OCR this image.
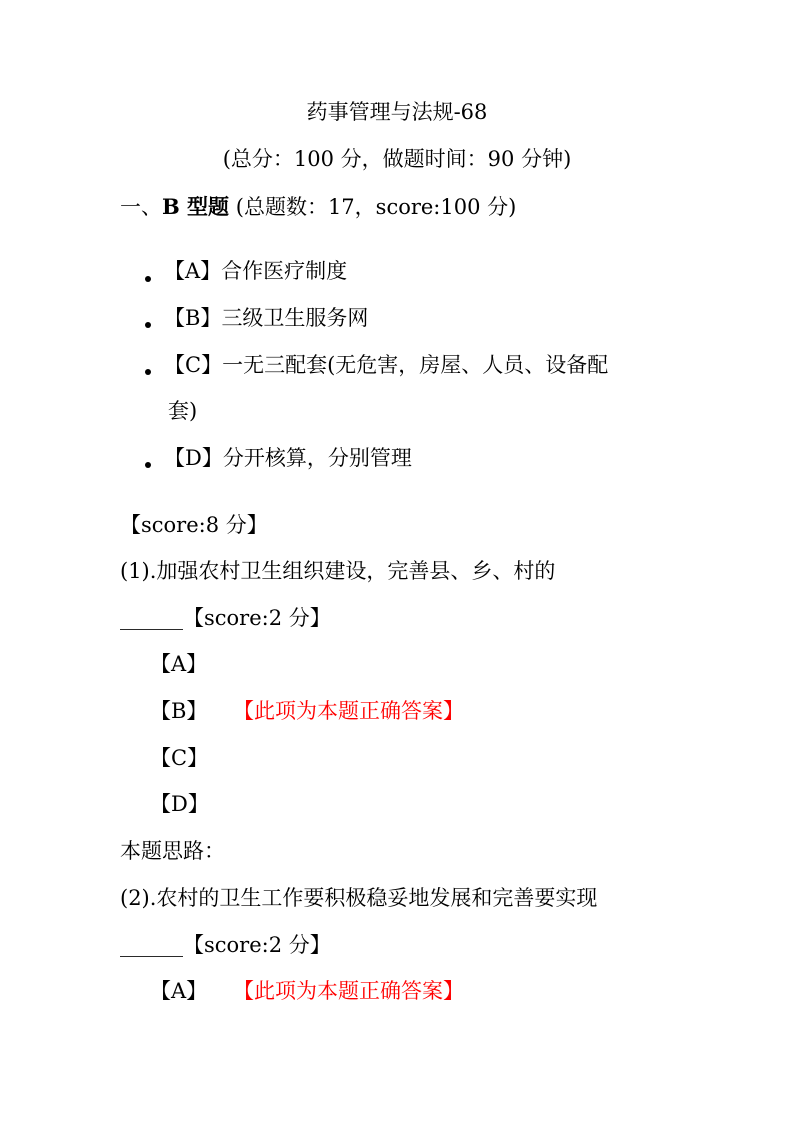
药事管理与法规-68
(总分：100 分，做题时间：90 分钟)
一、B 型题 (总题数：17，score:100 分)
【A】合作医疗制度
【B】三级卫生服务网
【C】一无三配套(无危害，房屋、人员、设备配
套)
【D】分开核算，分别管理
【score:8 分】
(1).加强农村卫生组织建设，完善县、乡、村的
______【score:2 分】
【A】
【B】 【此项为本题正确答案】
【C】
【D】
本题思路：
(2).农村的卫生工作要积极稳妥地发展和完善要实现
______【score:2 分】
【A】 【此项为本题正确答案】
